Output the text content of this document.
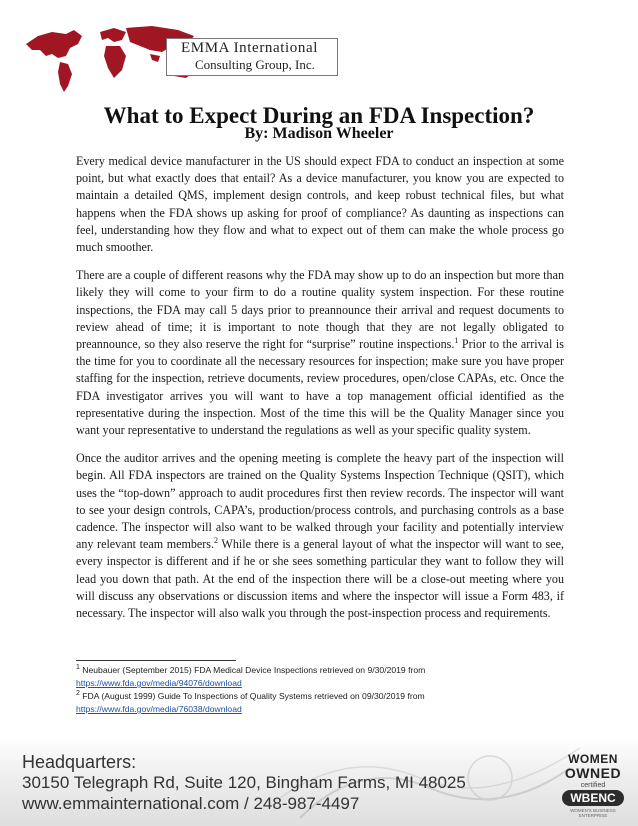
EMMA International
Consulting Group, Inc.
What to Expect During an FDA Inspection?
By: Madison Wheeler

Every medical device manufacturer in the US should expect FDA to conduct an inspection at some point, but what exactly does that entail? As a device manufacturer, you know you are expected to maintain a detailed QMS, implement design controls, and keep robust technical files, but what happens when the FDA shows up asking for proof of compliance? As daunting as inspections can feel, understanding how they flow and what to expect out of them can make the whole process go much smoother.

There are a couple of different reasons why the FDA may show up to do an inspection but more than likely they will come to your firm to do a routine quality system inspection. For these routine inspections, the FDA may call 5 days prior to preannounce their arrival and request documents to review ahead of time; it is important to note though that they are not legally obligated to preannounce, so they also reserve the right for “surprise” routine inspections.$^1$ Prior to the arrival is the time for you to coordinate all the necessary resources for inspection; make sure you have proper staffing for the inspection, retrieve documents, review procedures, open/close CAPAs, etc. Once the FDA investigator arrives you will want to have a top management official identified as the representative during the inspection. Most of the time this will be the Quality Manager since you want your representative to understand the regulations as well as your specific quality system.

Once the auditor arrives and the opening meeting is complete the heavy part of the inspection will begin. All FDA inspectors are trained on the Quality Systems Inspection Technique (QSIT), which uses the “top-down” approach to audit procedures first then review records. The inspector will want to see your design controls, CAPA’s, production/process controls, and purchasing controls as a base cadence. The inspector will also want to be walked through your facility and potentially interview any relevant team members.$^2$ While there is a general layout of what the inspector will want to see, every inspector is different and if he or she sees something particular they want to follow they will lead you down that path. At the end of the inspection there will be a close-out meeting where you will discuss any observations or discussion items and where the inspector will issue a Form 483, if necessary. The inspector will also walk you through the post-inspection process and requirements.

$^1$ Neubauer (September 2015) FDA Medical Device Inspections retrieved on 9/30/2019 from
https://www.fda.gov/media/94076/download
$^2$ FDA (August 1999) Guide To Inspections of Quality Systems retrieved on 09/30/2019 from
https://www.fda.gov/media/76038/download
Headquarters:
30150 Telegraph Rd, Suite 120, Bingham Farms, MI 48025
www.emmainternational.com / 248-987-4497
WOMEN
OWNED
certified
WBENC
WOMEN'S BUSINESS ENTERPRISE
